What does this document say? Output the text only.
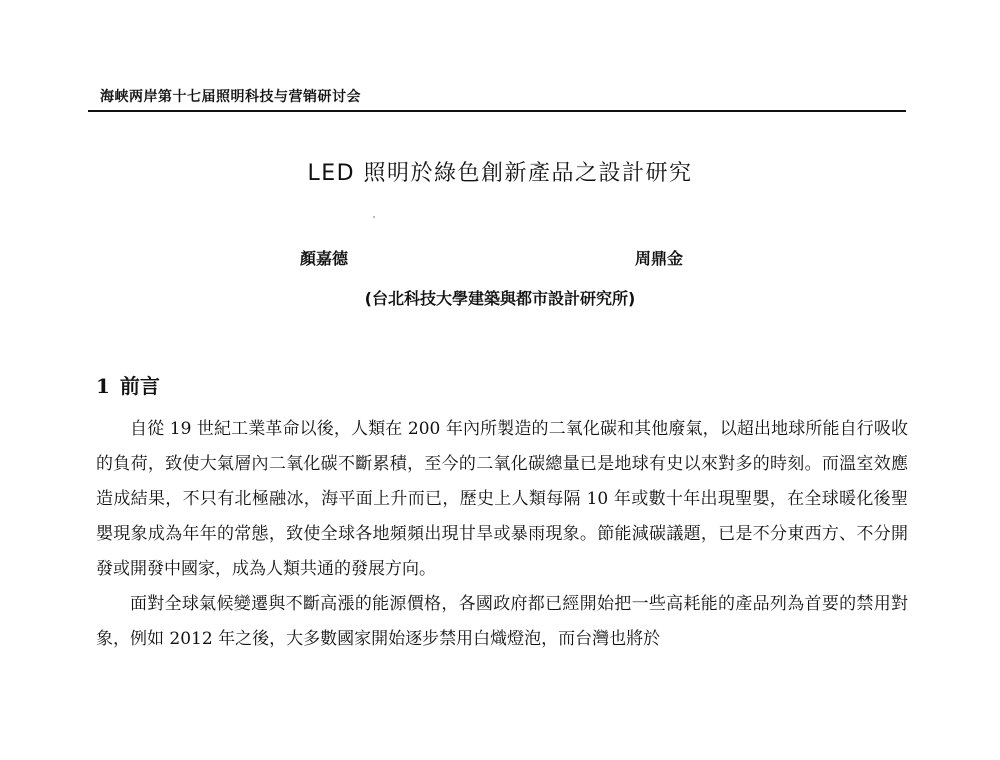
海峡两岸第十七届照明科技与营销研讨会
LED 照明於綠色創新產品之設計研究
顏嘉德	周鼎金
(台北科技大學建築與都市設計研究所)
1 前言

自從 19 世紀工業革命以後，人類在 200 年內所製造的二氧化碳和其他廢氣，以超出地球所能自行吸收的負荷，致使大氣層內二氧化碳不斷累積，至今的二氧化碳總量已是地球有史以來對多的時刻。而溫室效應造成結果，不只有北極融冰，海平面上升而已，歷史上人類每隔 10 年或數十年出現聖嬰，在全球暖化後聖嬰現象成為年年的常態，致使全球各地頻頻出現甘旱或暴雨現象。節能減碳議題，已是不分東西方、不分開發或開發中國家，成為人類共通的發展方向。

面對全球氣候變遷與不斷高漲的能源價格，各國政府都已經開始把一些高耗能的產品列為首要的禁用對象，例如 2012 年之後，大多數國家開始逐步禁用白熾燈泡，而台灣也將於
